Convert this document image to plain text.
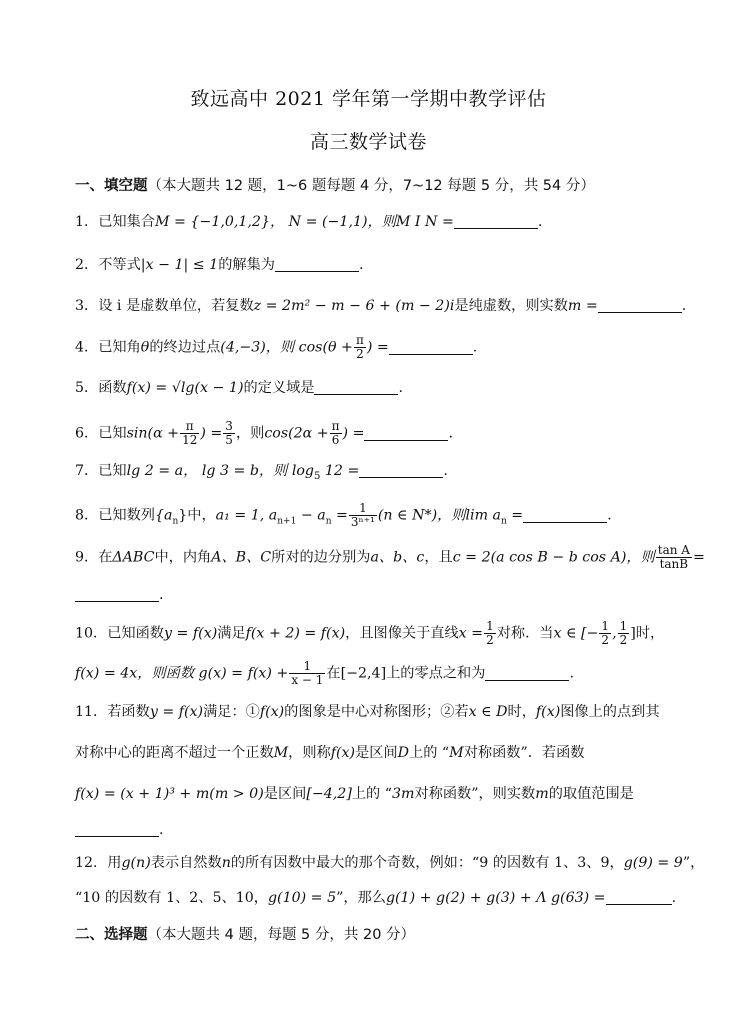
致远高中 2021 学年第一学期中教学评估
高三数学试卷
一、填空题（本大题共 12 题，1~6 题每题 4 分，7~12 每题 5 分，共 54 分）
1．已知集合M = {−1,0,1,2}， N = (−1,1)，则M I N =	.
2．不等式|x − 1| ≤ 1的解集为	.
3．设 i 是虚数单位，若复数z = 2m² − m − 6 + (m − 2)i是纯虚数，则实数m =	.
4．已知角θ的终边过点(4,−3)，则 $\cos(\theta + \frac{\pi}{2}$ ) =	.
5．函数f(x) = √lg(x − 1)的定义域是	.
6．已知$\sin(\alpha + \frac{\pi}{12}$ ) = $\frac{3}{5}$ ，则$\cos(2\alpha + \frac{\pi}{6}$ ) =	.
7．已知lg 2 = a， lg 3 = b，则 $\log_5 12$ =	.
8．已知数列$\{a_n\}$中，a₁ = 1, $a_{n+1} - a_n = \frac{1}{\text{3ⁿ⁺¹}} (n$ ∈ N*)，则$\lim a_n$ =	.
9．在ΔABC中，内角A、B、C所对的边分别为a、b、c，且c = 2(a cos B − b cos A)，则 $\frac{\text{tan A}}{\tan B}$ =
.
10．已知函数y = f(x)满足f(x + 2) = f(x)，且图像关于直线$x = \frac{1}{2}$ 对称．当x ∈ [− $\frac{1}{2}$ , $\frac{1}{2}$ ]时，
f(x) = 4x，则函数 $g(x) = f(x) + \frac{1}{x - 1}$ 在[−2,4]上的零点之和为	.
11．若函数y = f(x)满足：①f(x)的图象是中心对称图形；②若x ∈ D时，f(x)图像上的点到其
对称中心的距离不超过一个正数M，则称f(x)是区间D上的 “M对称函数”．若函数
f(x) = (x + 1)³ + m(m > 0)是区间[−4,2]上的 “3m对称函数”，则实数m的取值范围是
.
12．用g(n)表示自然数n的所有因数中最大的那个奇数，例如：“9 的因数有 1、3、9，g(9) = 9”，
“10 的因数有 1、2、5、10，g(10) = 5”，那么g(1) + g(2) + g(3) + Λ g(63) =	.
二、选择题（本大题共 4 题，每题 5 分，共 20 分）
